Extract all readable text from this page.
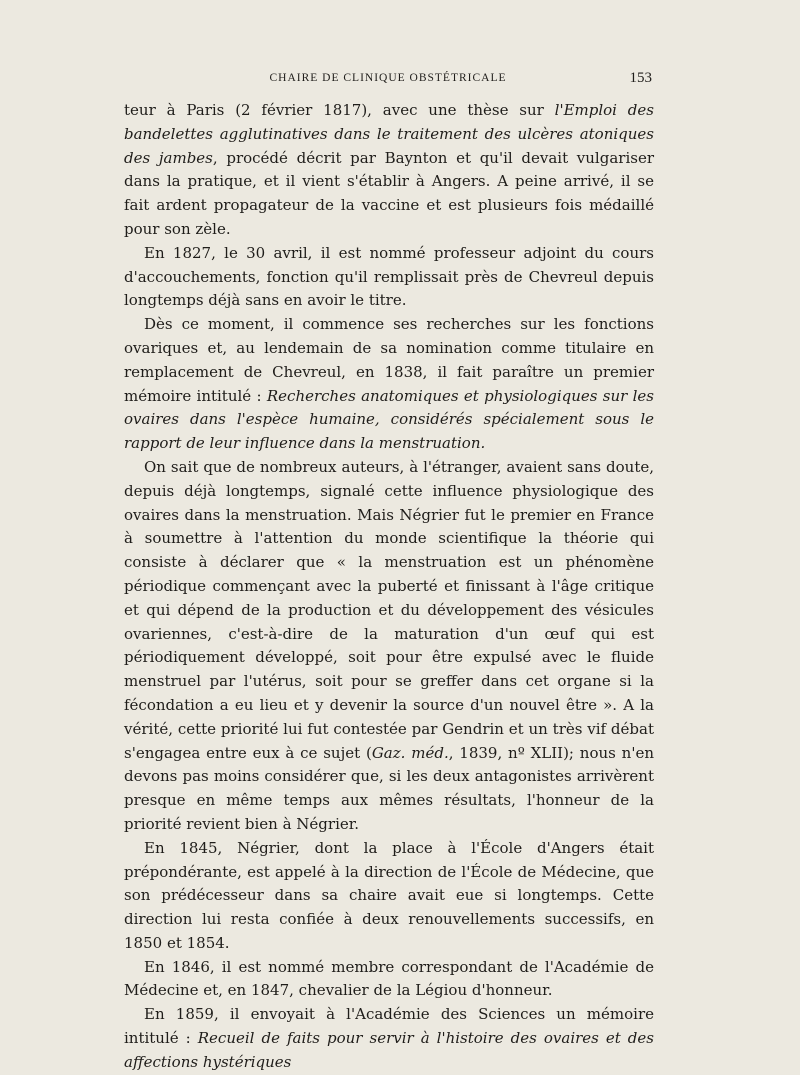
CHAIRE DE CLINIQUE OBSTÉTRICALE	153

teur à Paris (2 février 1817), avec une thèse sur l'Emploi des bandelettes agglutinatives dans le traitement des ulcères atoniques des jambes, procédé décrit par Baynton et qu'il devait vulgariser dans la pratique, et il vient s'établir à Angers. A peine arrivé, il se fait ardent propagateur de la vaccine et est plusieurs fois médaillé pour son zèle.

En 1827, le 30 avril, il est nommé professeur adjoint du cours d'accouchements, fonction qu'il remplissait près de Chevreul depuis longtemps déjà sans en avoir le titre.

Dès ce moment, il commence ses recherches sur les fonctions ovariques et, au lendemain de sa nomination comme titulaire en remplacement de Chevreul, en 1838, il fait paraître un premier mémoire intitulé : Recherches anatomiques et physiologiques sur les ovaires dans l'espèce humaine, considérés spécialement sous le rapport de leur influence dans la menstruation.

On sait que de nombreux auteurs, à l'étranger, avaient sans doute, depuis déjà longtemps, signalé cette influence physiologique des ovaires dans la menstruation. Mais Négrier fut le premier en France à soumettre à l'attention du monde scientifique la théorie qui consiste à déclarer que « la menstruation est un phénomène périodique commençant avec la puberté et finissant à l'âge critique et qui dépend de la production et du développement des vésicules ovariennes, c'est-à-dire de la maturation d'un œuf qui est périodiquement développé, soit pour être expulsé avec le fluide menstruel par l'utérus, soit pour se greffer dans cet organe si la fécondation a eu lieu et y devenir la source d'un nouvel être ». A la vérité, cette priorité lui fut contestée par Gendrin et un très vif débat s'engagea entre eux à ce sujet (Gaz. méd., 1839, nº XLII); nous n'en devons pas moins considérer que, si les deux antagonistes arrivèrent presque en même temps aux mêmes résultats, l'honneur de la priorité revient bien à Négrier.

En 1845, Négrier, dont la place à l'École d'Angers était prépondérante, est appelé à la direction de l'École de Médecine, que son prédécesseur dans sa chaire avait eue si longtemps. Cette direction lui resta confiée à deux renouvellements successifs, en 1850 et 1854.

En 1846, il est nommé membre correspondant de l'Académie de Médecine et, en 1847, chevalier de la Légiou d'honneur.

En 1859, il envoyait à l'Académie des Sciences un mémoire intitulé : Recueil de faits pour servir à l'histoire des ovaires et des affections hystériques
